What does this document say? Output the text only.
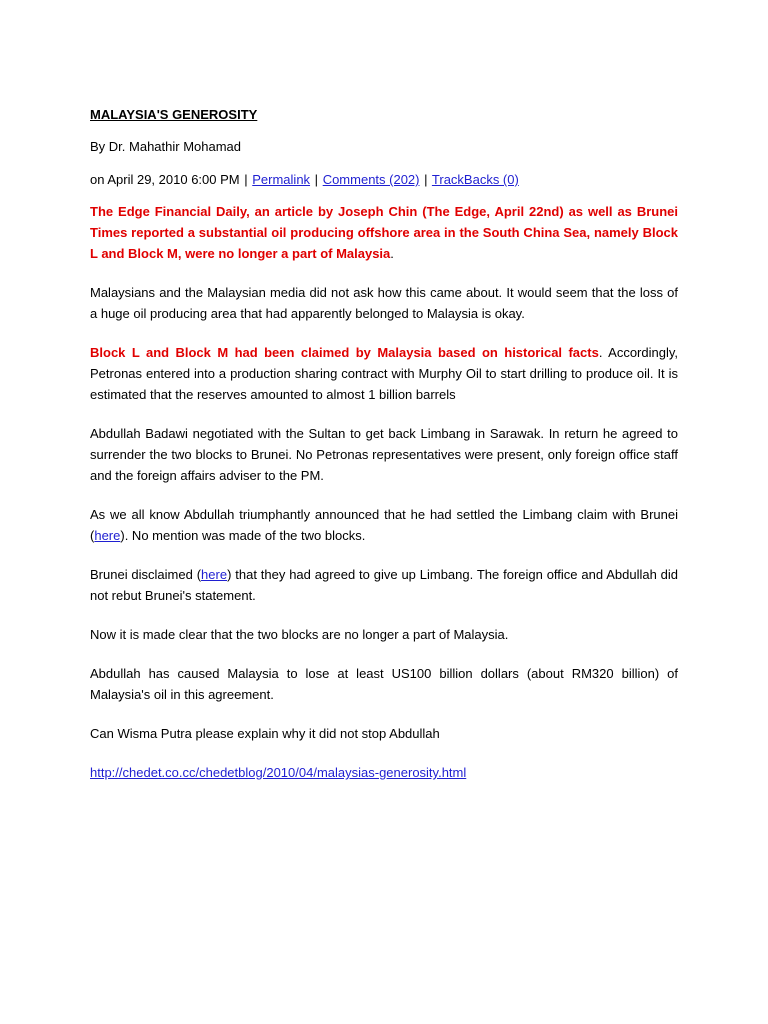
MALAYSIA'S GENEROSITY
By Dr. Mahathir Mohamad
on April 29, 2010 6:00 PM | Permalink | Comments (202) | TrackBacks (0)

The Edge Financial Daily, an article by Joseph Chin (The Edge, April 22nd) as well as Brunei Times reported a substantial oil producing offshore area in the South China Sea, namely Block L and Block M, were no longer a part of Malaysia.

Malaysians and the Malaysian media did not ask how this came about. It would seem that the loss of a huge oil producing area that had apparently belonged to Malaysia is okay.

Block L and Block M had been claimed by Malaysia based on historical facts. Accordingly, Petronas entered into a production sharing contract with Murphy Oil to start drilling to produce oil. It is estimated that the reserves amounted to almost 1 billion barrels

Abdullah Badawi negotiated with the Sultan to get back Limbang in Sarawak. In return he agreed to surrender the two blocks to Brunei. No Petronas representatives were present, only foreign office staff and the foreign affairs adviser to the PM.

As we all know Abdullah triumphantly announced that he had settled the Limbang claim with Brunei (here). No mention was made of the two blocks.

Brunei disclaimed (here) that they had agreed to give up Limbang. The foreign office and Abdullah did not rebut Brunei's statement.

Now it is made clear that the two blocks are no longer a part of Malaysia.

Abdullah has caused Malaysia to lose at least US100 billion dollars (about RM320 billion) of Malaysia's oil in this agreement.

Can Wisma Putra please explain why it did not stop Abdullah

http://chedet.co.cc/chedetblog/2010/04/malaysias-generosity.html
